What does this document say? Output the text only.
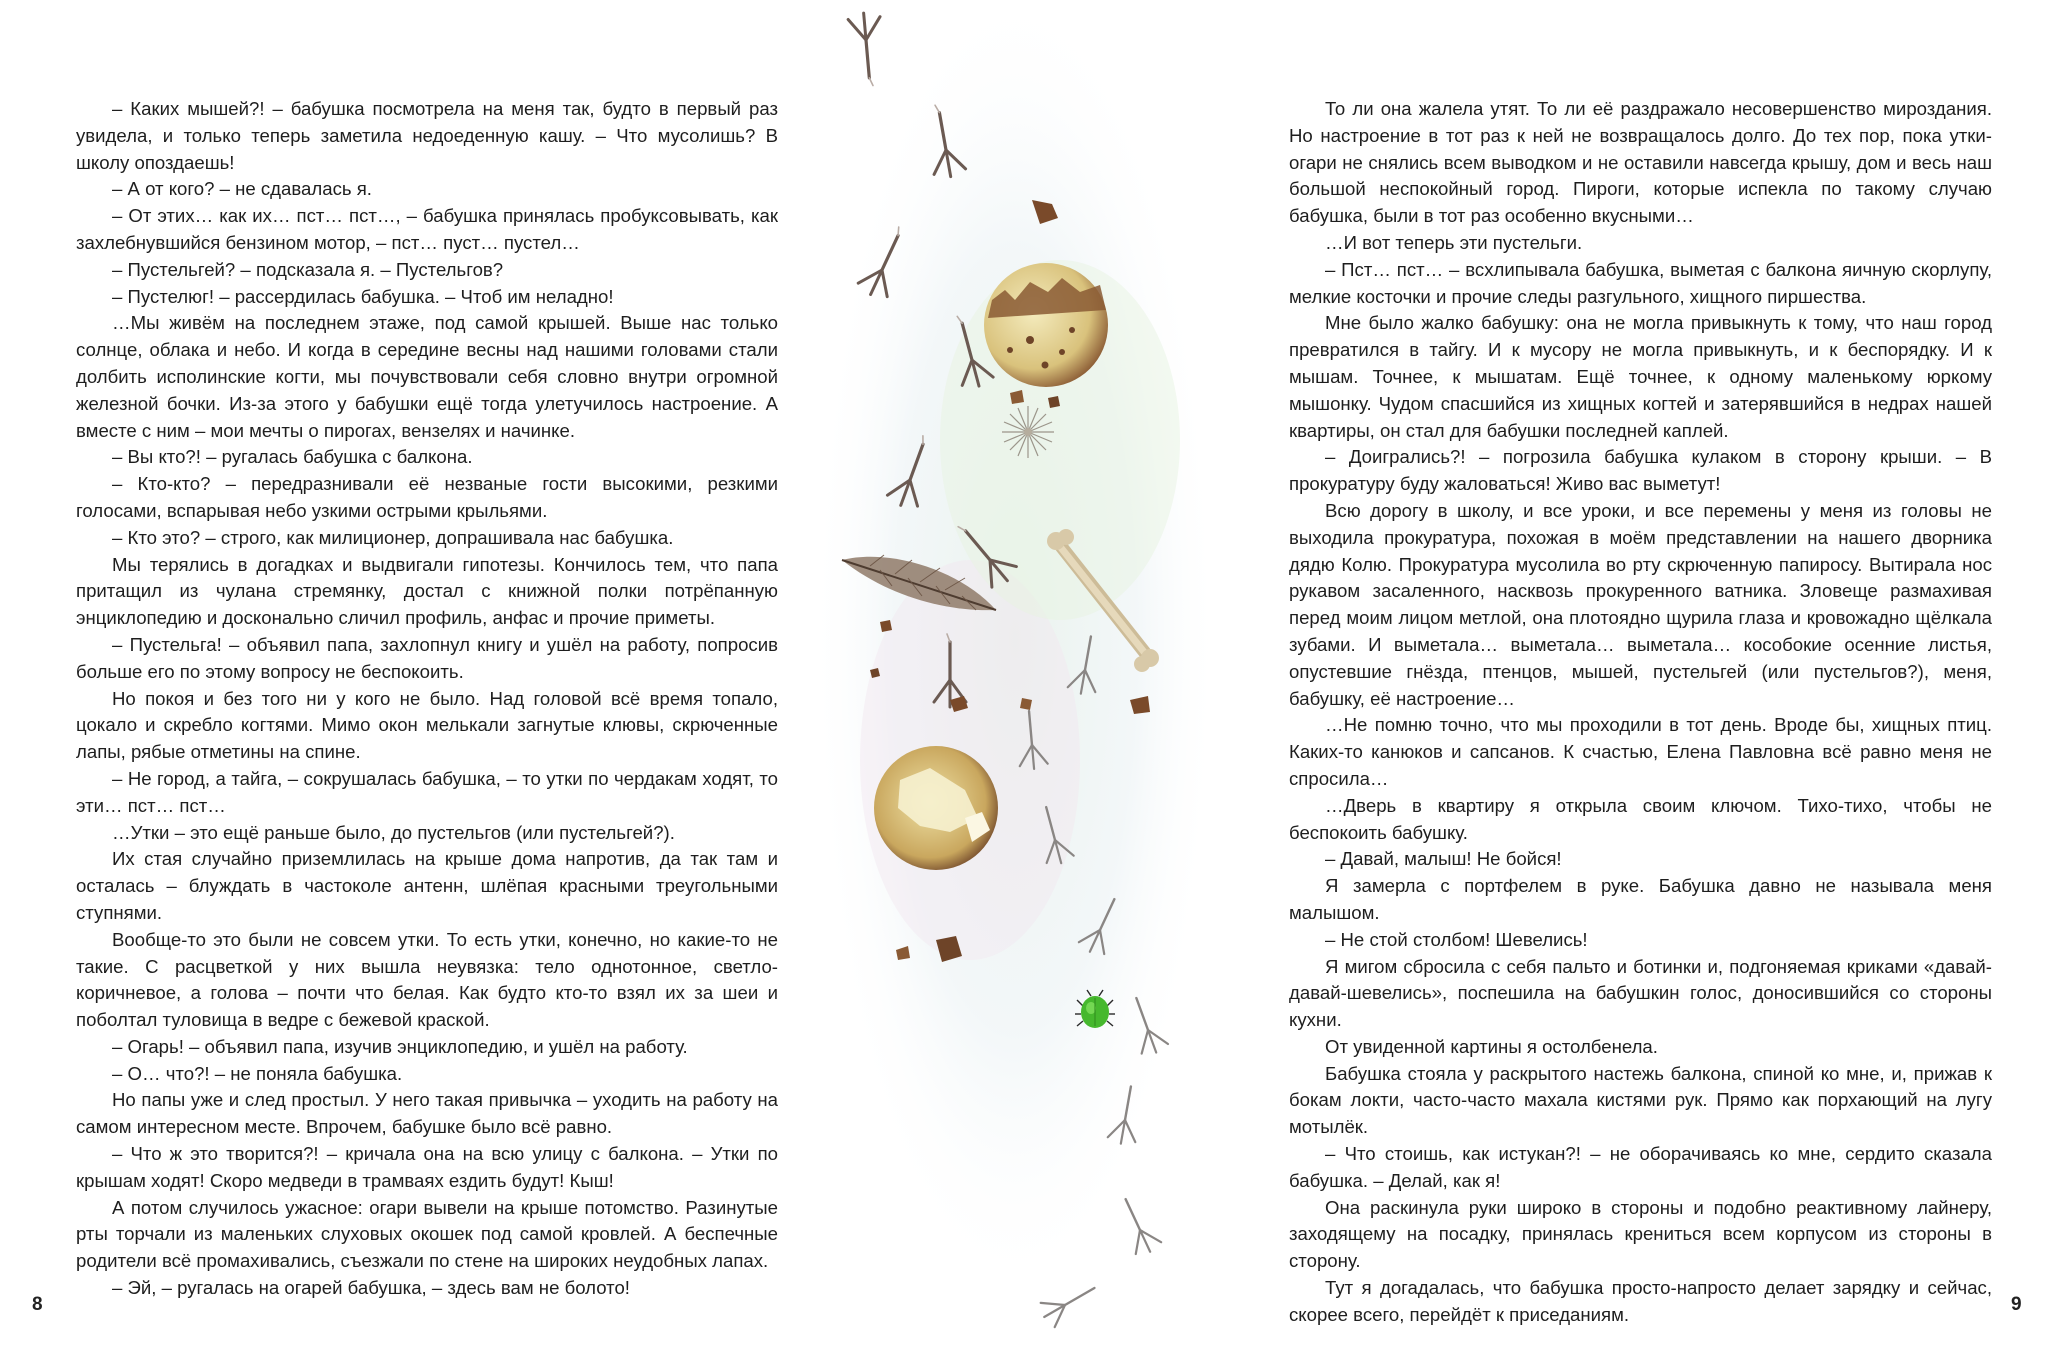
– Каких мышей?! – бабушка посмотрела на меня так, будто в первый раз увидела, и только теперь заметила недоеденную кашу. – Что мусолишь? В школу опоздаешь!

– А от кого? – не сдавалась я.

– От этих… как их… пст… пст…, – бабушка принялась пробуксовывать, как захлебнувшийся бензином мотор, – пст… пуст… пустел…

– Пустельгей? – подсказала я. – Пустельгов?

– Пустелюг! – рассердилась бабушка. – Чтоб им неладно!

…Мы живём на последнем этаже, под самой крышей. Выше нас только солнце, облака и небо. И когда в середине весны над нашими головами стали долбить исполинские когти, мы почувствовали себя словно внутри огромной железной бочки. Из-за этого у бабушки ещё тогда улетучилось настроение. А вместе с ним – мои мечты о пирогах, вензелях и начинке.

– Вы кто?! – ругалась бабушка с балкона.

– Кто-кто? – передразнивали её незваные гости высокими, резкими голосами, вспарывая небо узкими острыми крыльями.

– Кто это? – строго, как милиционер, допрашивала нас бабушка.

Мы терялись в догадках и выдвигали гипотезы. Кончилось тем, что папа притащил из чулана стремянку, достал с книжной полки потрёпанную энциклопедию и досконально сличил профиль, анфас и прочие приметы.

– Пустельга! – объявил папа, захлопнул книгу и ушёл на работу, попросив больше его по этому вопросу не беспокоить.

Но покоя и без того ни у кого не было. Над головой всё время топало, цокало и скребло когтями. Мимо окон мелькали загнутые клювы, скрюченные лапы, рябые отметины на спине.

– Не город, а тайга, – сокрушалась бабушка, – то утки по чердакам ходят, то эти… пст… пст…

…Утки – это ещё раньше было, до пустельгов (или пустельгей?).

Их стая случайно приземлилась на крыше дома напротив, да так там и осталась – блуждать в частоколе антенн, шлёпая красными треугольными ступнями.

Вообще-то это были не совсем утки. То есть утки, конечно, но какие-то не такие. С расцветкой у них вышла неувязка: тело однотонное, светло-коричневое, а голова – почти что белая. Как будто кто-то взял их за шеи и поболтал туловища в ведре с бежевой краской.

– Огарь! – объявил папа, изучив энциклопедию, и ушёл на работу.

– О… что?! – не поняла бабушка.

Но папы уже и след простыл. У него такая привычка – уходить на работу на самом интересном месте. Впрочем, бабушке было всё равно.

– Что ж это творится?! – кричала она на всю улицу с балкона. – Утки по крышам ходят! Скоро медведи в трамваях ездить будут! Кыш!

А потом случилось ужасное: огари вывели на крыше потомство. Разинутые рты торчали из маленьких слуховых окошек под самой кровлей. А беспечные родители всё промахивались, съезжали по стене на широких неудобных лапах.

– Эй, – ругалась на огарей бабушка, – здесь вам не болото!

То ли она жалела утят. То ли её раздражало несовершенство мироздания. Но настроение в тот раз к ней не возвращалось долго. До тех пор, пока утки-огари не снялись всем выводком и не оставили навсегда крышу, дом и весь наш большой неспокойный город. Пироги, которые испекла по такому случаю бабушка, были в тот раз особенно вкусными…

…И вот теперь эти пустельги.

– Пст… пст… – всхлипывала бабушка, выметая с балкона яичную скорлупу, мелкие косточки и прочие следы разгульного, хищного пиршества.

Мне было жалко бабушку: она не могла привыкнуть к тому, что наш город превратился в тайгу. И к мусору не могла привыкнуть, и к беспорядку. И к мышам. Точнее, к мышатам. Ещё точнее, к одному маленькому юркому мышонку. Чудом спасшийся из хищных когтей и затерявшийся в недрах нашей квартиры, он стал для бабушки последней каплей.

– Доигрались?! – погрозила бабушка кулаком в сторону крыши. – В прокуратуру буду жаловаться! Живо вас выметут!

Всю дорогу в школу, и все уроки, и все перемены у меня из головы не выходила прокуратура, похожая в моём представлении на нашего дворника дядю Колю. Прокуратура мусолила во рту скрюченную папиросу. Вытирала нос рукавом засаленного, насквозь прокуренного ватника. Зловеще размахивая перед моим лицом метлой, она плотоядно щурила глаза и кровожадно щёлкала зубами. И выметала… выметала… выметала… кособокие осенние листья, опустевшие гнёзда, птенцов, мышей, пустельгей (или пустельгов?), меня, бабушку, её настроение…

…Не помню точно, что мы проходили в тот день. Вроде бы, хищных птиц. Каких-то канюков и сапсанов. К счастью, Елена Павловна всё равно меня не спросила…

…Дверь в квартиру я открыла своим ключом. Тихо-тихо, чтобы не беспокоить бабушку.

– Давай, малыш! Не бойся!

Я замерла с портфелем в руке. Бабушка давно не называла меня малышом.

– Не стой столбом! Шевелись!

Я мигом сбросила с себя пальто и ботинки и, подгоняемая криками «давай-давай-шевелись», поспешила на бабушкин голос, доносившийся со стороны кухни.

От увиденной картины я остолбенела.

Бабушка стояла у раскрытого настежь балкона, спиной ко мне, и, прижав к бокам локти, часто-часто махала кистями рук. Прямо как порхающий на лугу мотылёк.

– Что стоишь, как истукан?! – не оборачиваясь ко мне, сердито сказала бабушка. – Делай, как я!

Она раскинула руки широко в стороны и подобно реактивному лайнеру, заходящему на посадку, принялась крениться всем корпусом из стороны в сторону.

Тут я догадалась, что бабушка просто-напросто делает зарядку и сейчас, скорее всего, перейдёт к приседаниям.

8	9
